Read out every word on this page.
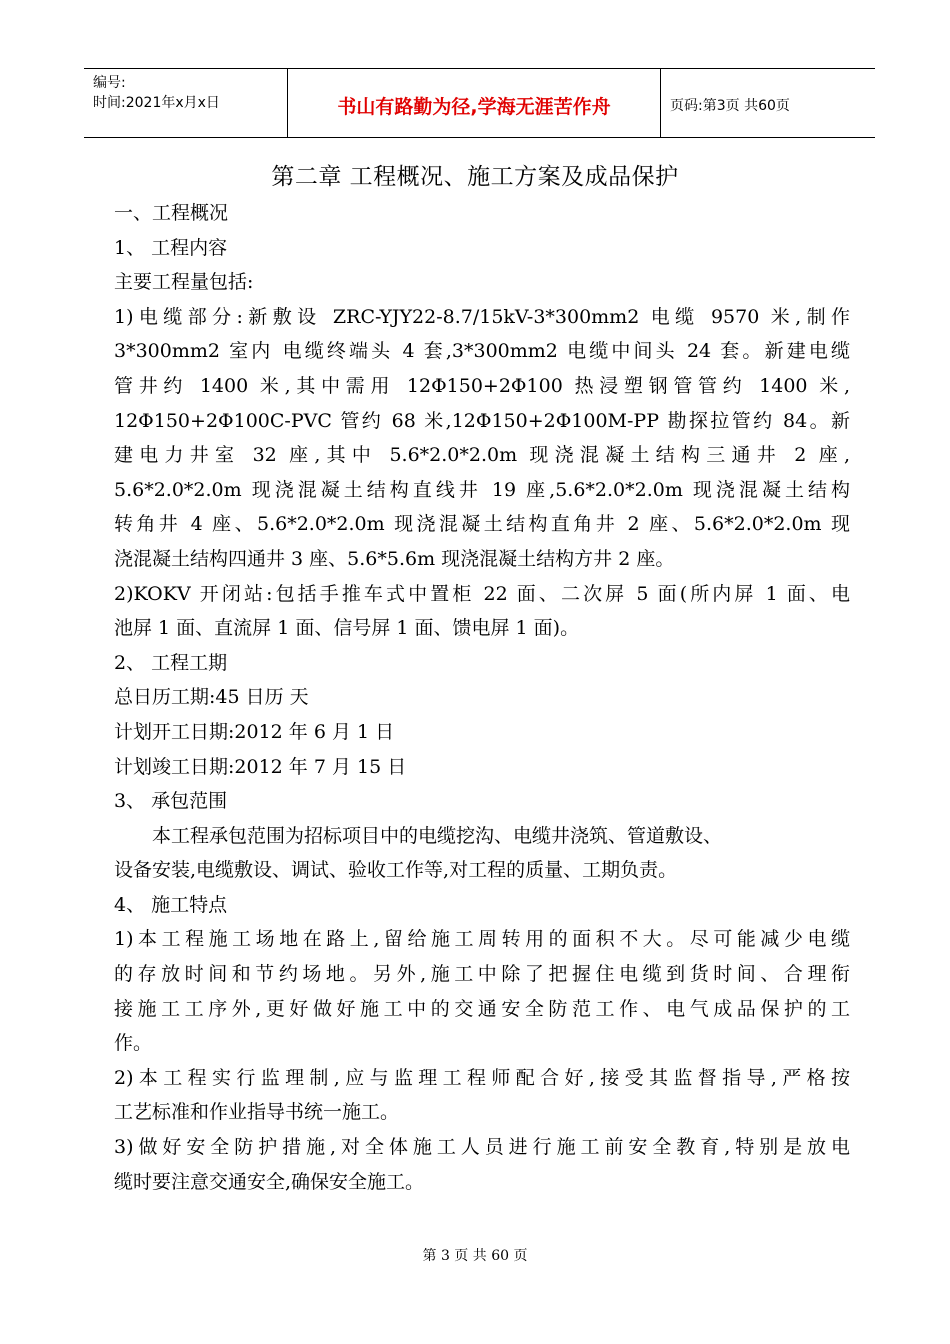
编号:
时间:2021年x月x日	书山有路勤为径,学海无涯苦作舟	页码:第3页 共60页
第二章 工程概况、施工方案及成品保护
一、工程概况
1、 工程内容
主要工程量包括:
1)电缆部分:新敷设 ZRC-YJY22-8.7/15kV-3*300mm2 电缆 9570 米,制作
3*300mm2 室内 电缆终端头 4 套,3*300mm2 电缆中间头 24 套。新建电缆
管井约 1400 米,其中需用 12Φ150+2Φ100 热浸塑钢管管约 1400 米,
12Φ150+2Φ100C-PVC 管约 68 米,12Φ150+2Φ100M-PP 勘探拉管约 84。新
建电力井室 32 座,其中 5.6*2.0*2.0m 现浇混凝土结构三通井 2 座,
5.6*2.0*2.0m 现浇混凝土结构直线井 19 座,5.6*2.0*2.0m 现浇混凝土结构
转角井 4 座、5.6*2.0*2.0m 现浇混凝土结构直角井 2 座、5.6*2.0*2.0m 现
浇混凝土结构四通井 3 座、5.6*5.6m 现浇混凝土结构方井 2 座。
2)KOKV 开闭站:包括手推车式中置柜 22 面、二次屏 5 面(所内屏 1 面、电
池屏 1 面、直流屏 1 面、信号屏 1 面、馈电屏 1 面)。
2、 工程工期
总日历工期:45 日历 天
计划开工日期:2012 年 6 月 1 日
计划竣工日期:2012 年 7 月 15 日
3、 承包范围
本工程承包范围为招标项目中的电缆挖沟、电缆井浇筑、管道敷设、
设备安装,电缆敷设、调试、验收工作等,对工程的质量、工期负责。
4、 施工特点
1)本工程施工场地在路上,留给施工周转用的面积不大。尽可能减少电缆
的存放时间和节约场地。另外,施工中除了把握住电缆到货时间、合理衔
接施工工序外,更好做好施工中的交通安全防范工作、电气成品保护的工
作。
2)本工程实行监理制,应与监理工程师配合好,接受其监督指导,严格按
工艺标准和作业指导书统一施工。
3)做好安全防护措施,对全体施工人员进行施工前安全教育,特别是放电
缆时要注意交通安全,确保安全施工。
第 3 页 共 60 页
